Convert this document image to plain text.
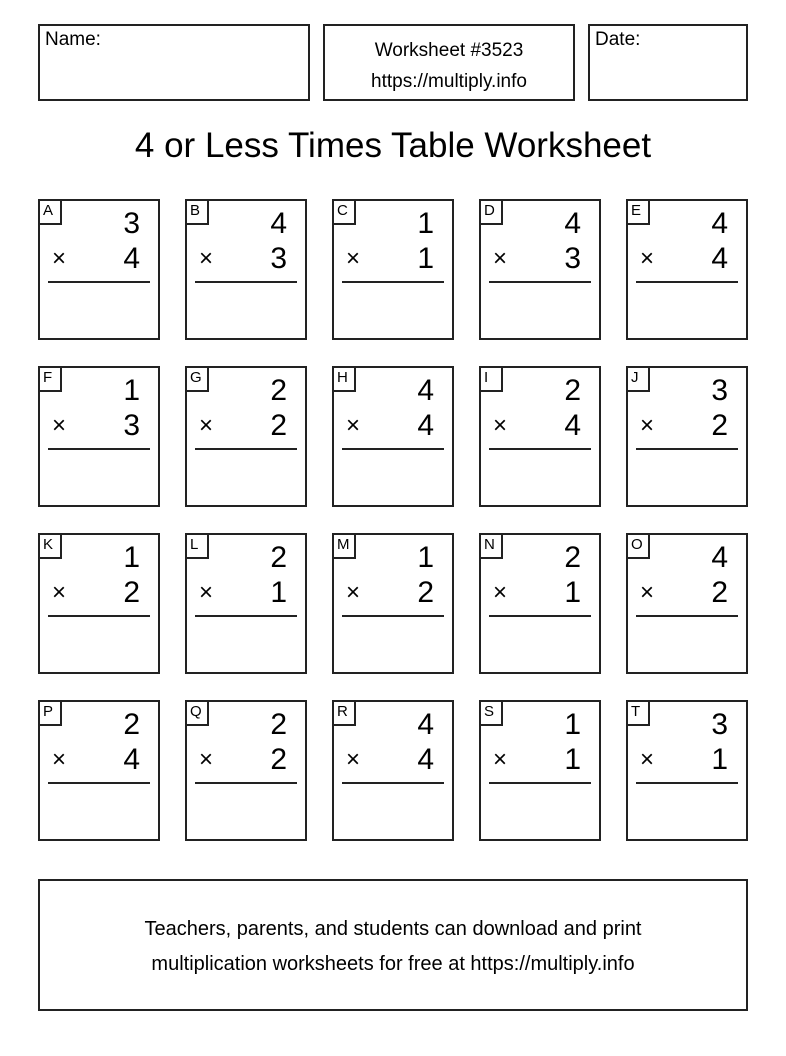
Name:
Worksheet #3523
https://multiply.info
Date:
4 or Less Times Table Worksheet
A 3
× 4
B 4
× 3
C 1
× 1
D 4
× 3
E 4
× 4
F	1
× 3
G 2
× 2
H 4
× 4
I	2
× 4
J	3
× 2
K 1
× 2
L	2
× 1
M 1
× 2
N 2
× 1
O 4
× 2
P 2
× 4
Q 2
× 2
R 4
× 4
S 1
× 1
T	3
× 1
Teachers, parents, and students can download and print
multiplication worksheets for free at https://multiply.info
